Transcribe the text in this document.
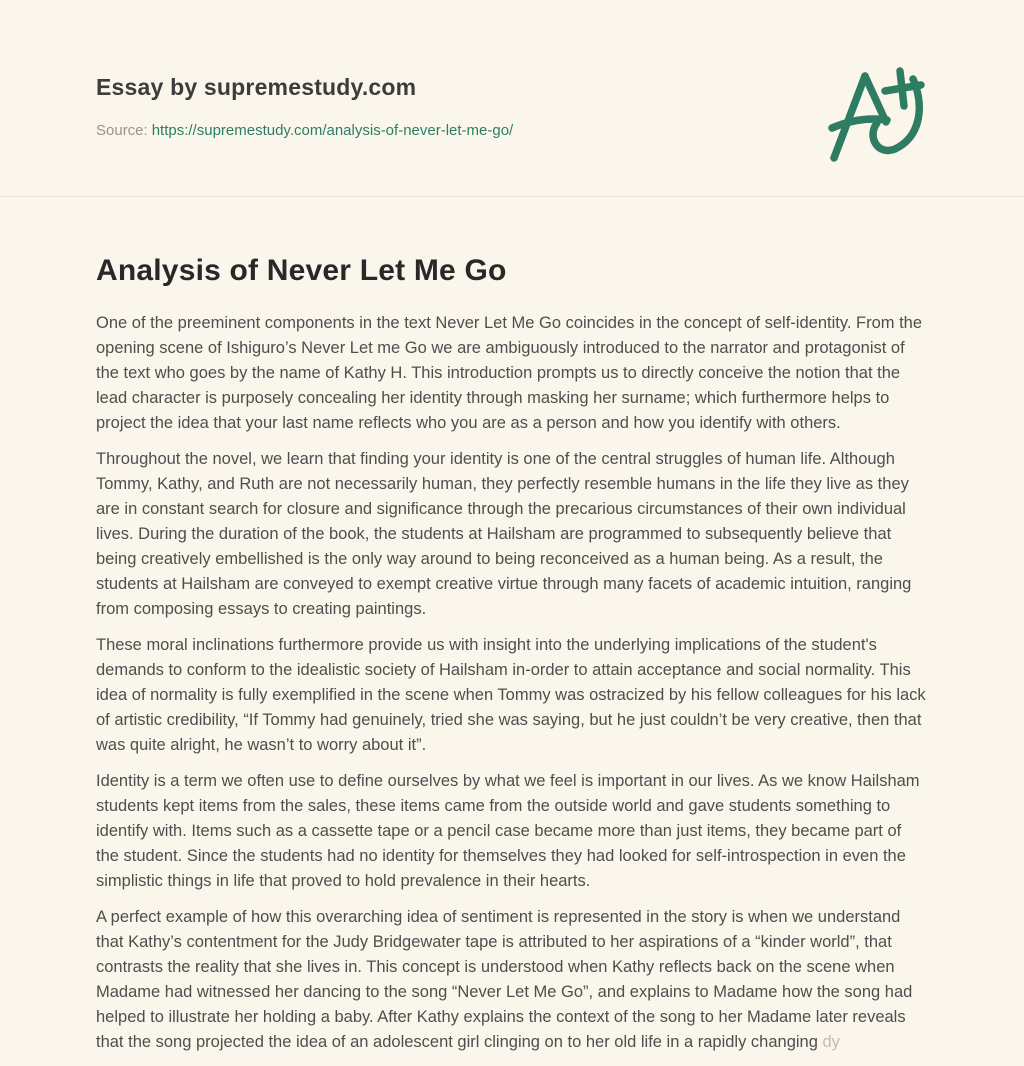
Essay by supremestudy.com

Source: https://supremestudy.com/analysis-of-never-let-me-go/

Analysis of Never Let Me Go

One of the preeminent components in the text Never Let Me Go coincides in the concept of self-identity. From the opening scene of Ishiguro’s Never Let me Go we are ambiguously introduced to the narrator and protagonist of the text who goes by the name of Kathy H. This introduction prompts us to directly conceive the notion that the lead character is purposely concealing her identity through masking her surname; which furthermore helps to project the idea that your last name reflects who you are as a person and how you identify with others.

Throughout the novel, we learn that finding your identity is one of the central struggles of human life. Although Tommy, Kathy, and Ruth are not necessarily human, they perfectly resemble humans in the life they live as they are in constant search for closure and significance through the precarious circumstances of their own individual lives. During the duration of the book, the students at Hailsham are programmed to subsequently believe that being creatively embellished is the only way around to being reconceived as a human being. As a result, the students at Hailsham are conveyed to exempt creative virtue through many facets of academic intuition, ranging from composing essays to creating paintings.

These moral inclinations furthermore provide us with insight into the underlying implications of the student's demands to conform to the idealistic society of Hailsham in-order to attain acceptance and social normality. This idea of normality is fully exemplified in the scene when Tommy was ostracized by his fellow colleagues for his lack of artistic credibility, “If Tommy had genuinely, tried she was saying, but he just couldn’t be very creative, then that was quite alright, he wasn’t to worry about it”.

Identity is a term we often use to define ourselves by what we feel is important in our lives. As we know Hailsham students kept items from the sales, these items came from the outside world and gave students something to identify with. Items such as a cassette tape or a pencil case became more than just items, they became part of the student. Since the students had no identity for themselves they had looked for self-introspection in even the simplistic things in life that proved to hold prevalence in their hearts.

A perfect example of how this overarching idea of sentiment is represented in the story is when we understand that Kathy’s contentment for the Judy Bridgewater tape is attributed to her aspirations of a “kinder world”, that contrasts the reality that she lives in. This concept is understood when Kathy reflects back on the scene when Madame had witnessed her dancing to the song “Never Let Me Go”, and explains to Madame how the song had helped to illustrate her holding a baby. After Kathy explains the context of the song to her Madame later reveals that the song projected the idea of an adolescent girl clinging on to her old life in a rapidly changing dy
